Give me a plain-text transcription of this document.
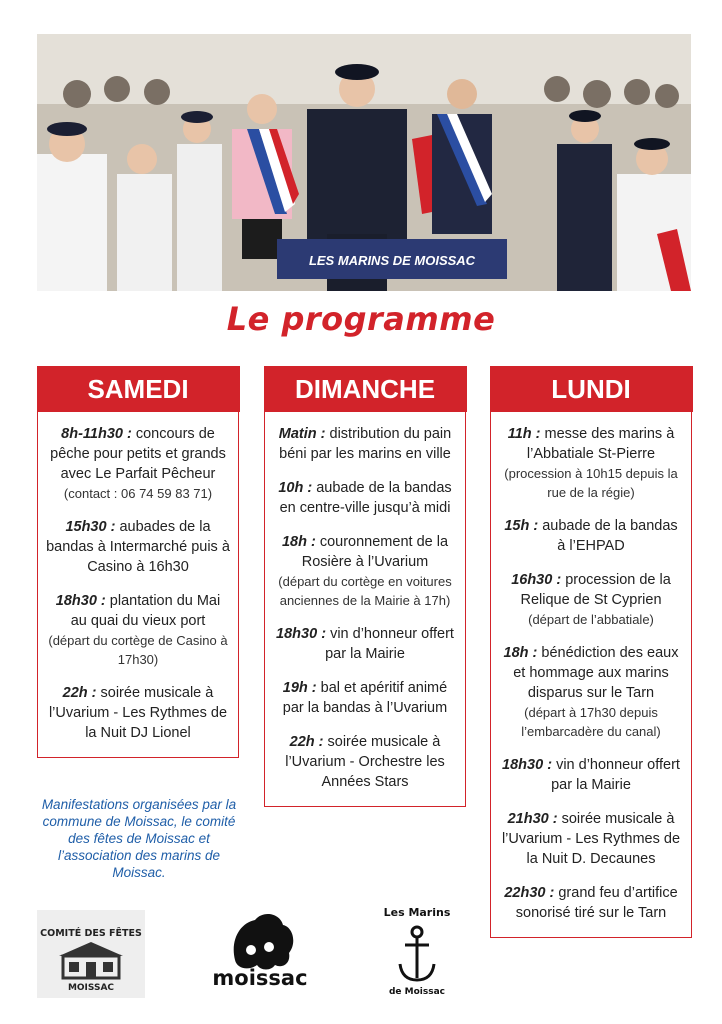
LES MARINS DE MOISSAC
Le programme
SAMEDI
8h-11h30 : concours de pêche pour petits et grands avec Le Parfait Pêcheur
(contact : 06 74 59 83 71)
15h30 : aubades de la bandas à Intermarché puis à Casino à 16h30
18h30 : plantation du Mai au quai du vieux port
(départ du cortège de Casino à 17h30)
22h : soirée musicale à l’Uvarium - Les Rythmes de la Nuit DJ Lionel
DIMANCHE
Matin : distribution du pain béni par les marins en ville
10h : aubade de la bandas en centre-ville jusqu’à midi
18h : couronnement de la Rosière à l’Uvarium
(départ du cortège en voitures anciennes de la Mairie à 17h)
18h30 : vin d’honneur offert par la Mairie
19h : bal et apéritif animé par la bandas à l’Uvarium
22h : soirée musicale à l’Uvarium - Orchestre les Années Stars
LUNDI
11h : messe des marins à l’Abbatiale St-Pierre
(procession à 10h15 depuis la rue de la régie)
15h : aubade de la bandas à l’EHPAD
16h30 : procession de la Relique de St Cyprien
(départ de l’abbatiale)
18h : bénédiction des eaux et hommage aux marins disparus sur le Tarn
(départ à 17h30 depuis l’embarcadère du canal)
18h30 : vin d’honneur offert par la Mairie
21h30 : soirée musicale à l’Uvarium - Les Rythmes de la Nuit D. Decaunes
22h30 : grand feu d’artifice sonorisé tiré sur le Tarn
Manifestations organisées par la commune de Moissac, le comité des fêtes de Moissac et l’association des marins de Moissac.
COMITÉ DES FÊTES
MOISSAC	moissac
Les Marins
de Moissac
